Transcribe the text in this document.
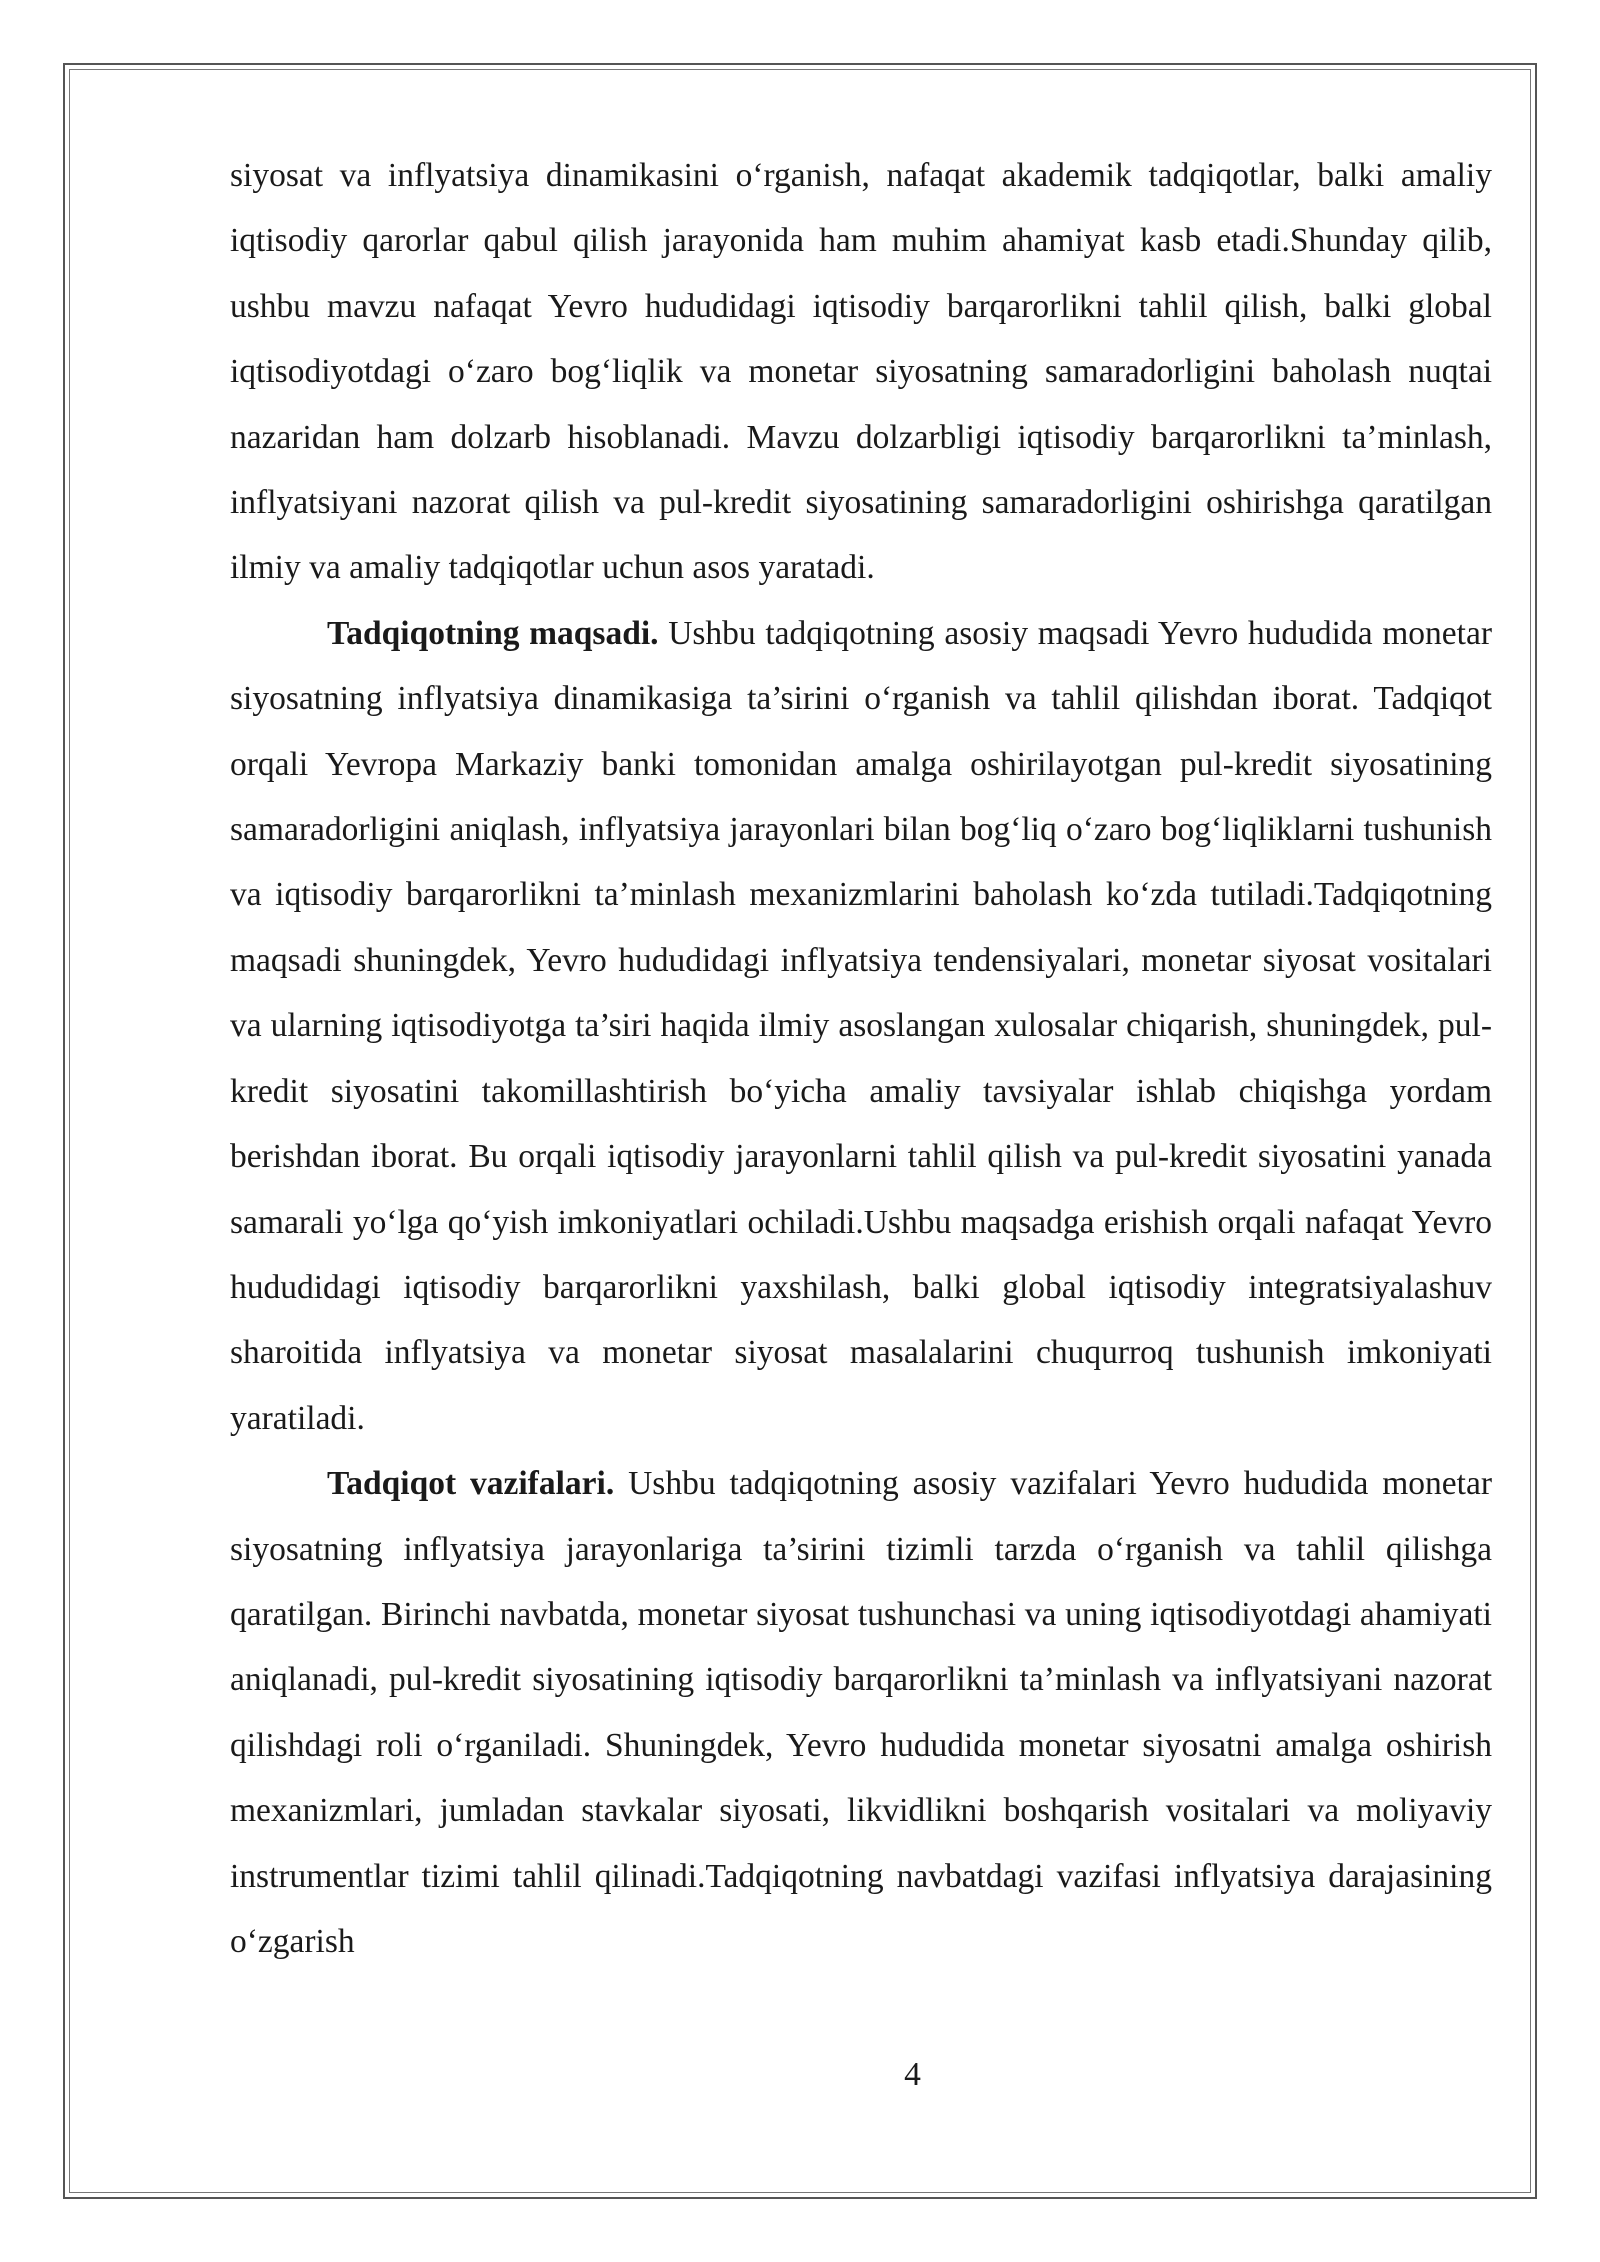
siyosat va inflyatsiya dinamikasini o‘rganish, nafaqat akademik tadqiqotlar, balki amaliy iqtisodiy qarorlar qabul qilish jarayonida ham muhim ahamiyat kasb etadi.Shunday qilib, ushbu mavzu nafaqat Yevro hududidagi iqtisodiy barqarorlikni tahlil qilish, balki global iqtisodiyotdagi o‘zaro bog‘liqlik va monetar siyosatning samaradorligini baholash nuqtai nazaridan ham dolzarb hisoblanadi. Mavzu dolzarbligi iqtisodiy barqarorlikni ta’minlash, inflyatsiyani nazorat qilish va pul-kredit siyosatining samaradorligini oshirishga qaratilgan ilmiy va amaliy tadqiqotlar uchun asos yaratadi.

Tadqiqotning maqsadi. Ushbu tadqiqotning asosiy maqsadi Yevro hududida monetar siyosatning inflyatsiya dinamikasiga ta’sirini o‘rganish va tahlil qilishdan iborat. Tadqiqot orqali Yevropa Markaziy banki tomonidan amalga oshirilayotgan pul-kredit siyosatining samaradorligini aniqlash, inflyatsiya jarayonlari bilan bog‘liq o‘zaro bog‘liqliklarni tushunish va iqtisodiy barqarorlikni ta’minlash mexanizmlarini baholash ko‘zda tutiladi.Tadqiqotning maqsadi shuningdek, Yevro hududidagi inflyatsiya tendensiyalari, monetar siyosat vositalari va ularning iqtisodiyotga ta’siri haqida ilmiy asoslangan xulosalar chiqarish, shuningdek, pul-kredit siyosatini takomillashtirish bo‘yicha amaliy tavsiyalar ishlab chiqishga yordam berishdan iborat. Bu orqali iqtisodiy jarayonlarni tahlil qilish va pul-kredit siyosatini yanada samarali yo‘lga qo‘yish imkoniyatlari ochiladi.Ushbu maqsadga erishish orqali nafaqat Yevro hududidagi iqtisodiy barqarorlikni yaxshilash, balki global iqtisodiy integratsiyalashuv sharoitida inflyatsiya va monetar siyosat masalalarini chuqurroq tushunish imkoniyati yaratiladi.

Tadqiqot vazifalari. Ushbu tadqiqotning asosiy vazifalari Yevro hududida monetar siyosatning inflyatsiya jarayonlariga ta’sirini tizimli tarzda o‘rganish va tahlil qilishga qaratilgan. Birinchi navbatda, monetar siyosat tushunchasi va uning iqtisodiyotdagi ahamiyati aniqlanadi, pul-kredit siyosatining iqtisodiy barqarorlikni ta’minlash va inflyatsiyani nazorat qilishdagi roli o‘rganiladi. Shuningdek, Yevro hududida monetar siyosatni amalga oshirish mexanizmlari, jumladan stavkalar siyosati, likvidlikni boshqarish vositalari va moliyaviy instrumentlar tizimi tahlil qilinadi.Tadqiqotning navbatdagi vazifasi inflyatsiya darajasining o‘zgarish

4
